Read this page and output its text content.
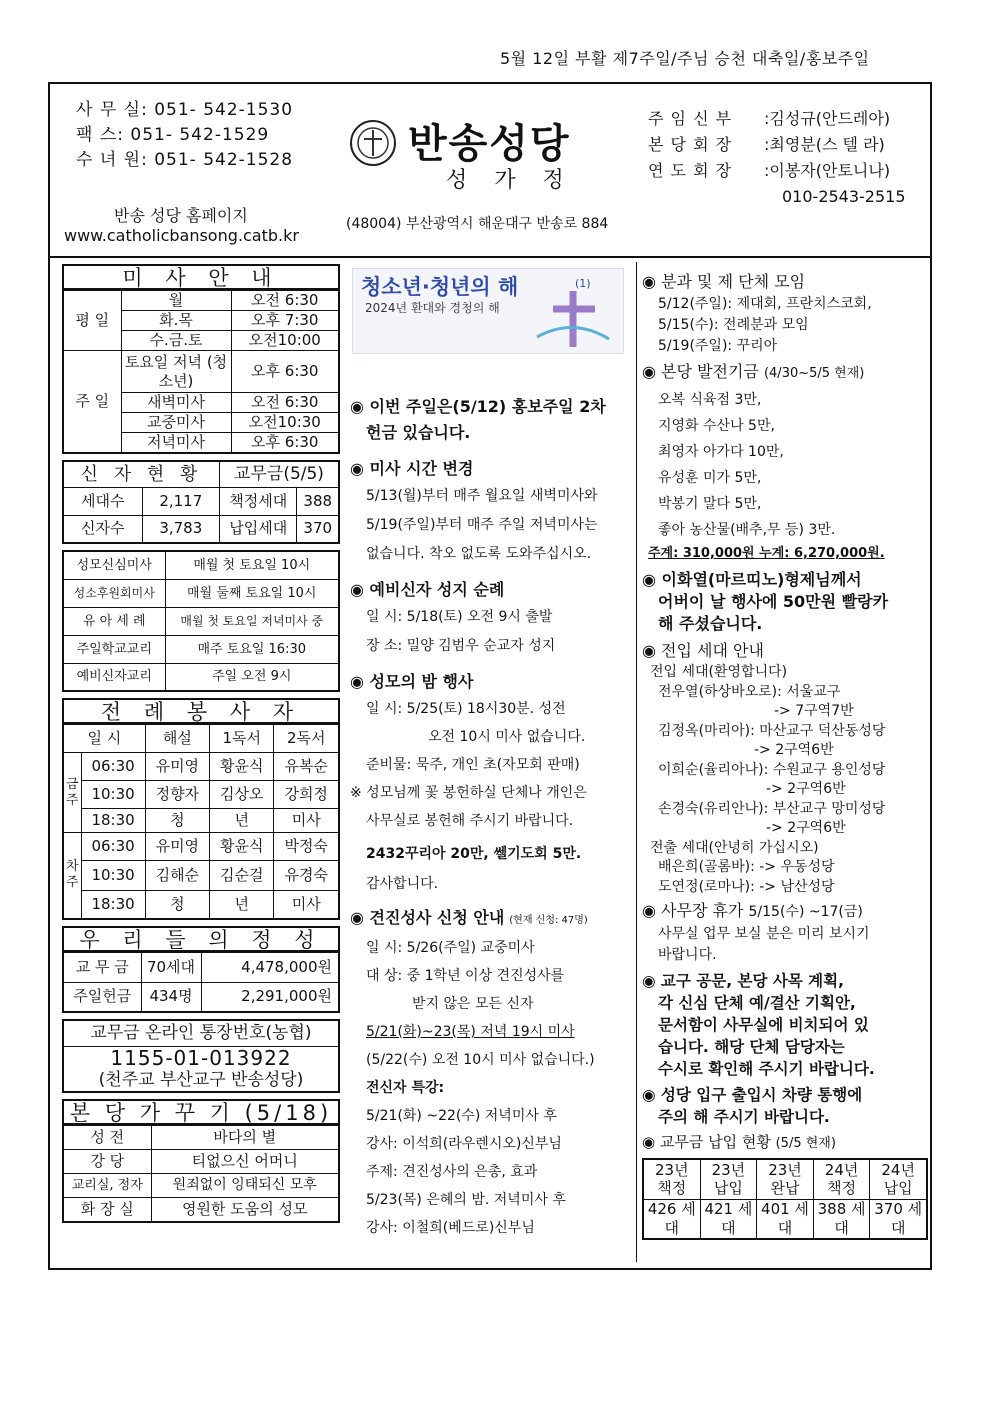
5월 12일 부활 제7주일/주님 승천 대축일/홍보주일
사 무 실: 051- 542-1530
팩 스: 051- 542-1529
수 녀 원: 051- 542-1528
반송 성당 홈페이지
www.catholicbansong.catb.kr
반송성당
성 가 정
(48004) 부산광역시 해운대구 반송로 884
주 임 신 부 :김성규(안드레아)
본 당 회 장 :최영분(스 텔 라)
연 도 회 장 :이봉자(안토니나)
010-2543-2515
미 사 안 내
평 일	월	오전 6:30
	화.목	오후 7:30
	수.금.토	오전10:00
주 일	토요일 저녁 (청소년)	오후 6:30
	새벽미사	오전 6:30
	교중미사	오전10:30
	저녁미사	오후 6:30
신 자 현 황		교무금(5/5)	
세대수	2,117	책정세대	388
신자수	3,783	납입세대	370
성모신심미사	매월 첫 토요일 10시
성소후원회미사	매월 둘째 토요일 10시
유 아 세 례	매월 첫 토요일 저녁미사 중
주일학교교리	매주 토요일 16:30
예비신자교리	주일 오전 9시
전 례 봉 사 자
일 시		해설	1독서	2독서
금주	06:30	유미영	황윤식	유복순
	10:30	정향자	김상오	강희정
	18:30	청	년	미사
차주	06:30	유미영	황윤식	박정숙
	10:30	김해순	김순걸	유경숙
	18:30	청	년	미사
우 리 들 의 정 성
교 무 금	70세대	4,478,000원
주일헌금	434명	2,291,000원
교무금 온라인 통장번호(농협)
1155-01-013922
(천주교 부산교구 반송성당)
본 당 가 꾸 기 (5/18)
성 전	바다의 별
강 당	티없으신 어머니
교리실, 정자	원죄없이 잉태되신 모후
화 장 실	영원한 도움의 성모
청소년·청년의 해	(1)
2024년 환대와 경청의 해
◉ 이번 주일은(5/12) 홍보주일 2차
헌금 있습니다.
◉ 미사 시간 변경
5/13(월)부터 매주 월요일 새벽미사와
5/19(주일)부터 매주 주일 저녁미사는
없습니다. 착오 없도록 도와주십시오.
◉ 예비신자 성지 순례
일 시: 5/18(토) 오전 9시 출발
장 소: 밀양 김범우 순교자 성지
◉ 성모의 밤 행사
일 시: 5/25(토) 18시30분. 성전
오전 10시 미사 없습니다.
준비물: 묵주, 개인 초(자모회 판매)
※ 성모님께 꽃 봉헌하실 단체나 개인은
사무실로 봉헌해 주시기 바랍니다.
2432꾸리아 20만, 쎌기도회 5만.
감사합니다.
◉ 견진성사 신청 안내 (현재 신청: 47명)
일 시: 5/26(주일) 교중미사
대 상: 중 1학년 이상 견진성사를
받지 않은 모든 신자
5/21(화)~23(목) 저녁 19시 미사
(5/22(수) 오전 10시 미사 없습니다.)
전신자 특강:
5/21(화) ~22(수) 저녁미사 후
강사: 이석희(라우렌시오)신부님
주제: 견진성사의 은총, 효과
5/23(목) 은혜의 밤. 저녁미사 후
강사: 이철희(베드로)신부님
◉ 분과 및 제 단체 모임
5/12(주일): 제대회, 프란치스코회,
5/15(수): 전례분과 모임
5/19(주일): 꾸리아
◉ 본당 발전기금 (4/30~5/5 현재)
오복 식육점 3만,
지영화 수산나 5만,
최영자 아가다 10만,
유성훈 미가 5만,
박봉기 말다 5만,
좋아 농산물(배추,무 등) 3만.
주계: 310,000원 누계: 6,270,000원.
◉ 이화열(마르띠노)형제님께서
어버이 날 행사에 50만원 빨랑카
해 주셨습니다.
◉ 전입 세대 안내
전입 세대(환영합니다)
전우열(하상바오로): 서울교구
-> 7구역7반
김정옥(마리아): 마산교구 덕산동성당
-> 2구역6반
이희순(율리아나): 수원교구 용인성당
-> 2구역6반
손경숙(유리안나): 부산교구 망미성당
-> 2구역6반
전출 세대(안녕히 가십시오)
배은희(골롬바): -> 우동성당
도연정(로마나): -> 남산성당
◉ 사무장 휴가 5/15(수) ~17(금)
사무실 업무 보실 분은 미리 보시기
바랍니다.
◉ 교구 공문, 본당 사목 계획,
각 신심 단체 예/결산 기획안,
문서함이 사무실에 비치되어 있
습니다. 해당 단체 담당자는
수시로 확인해 주시기 바랍니다.
◉ 성당 입구 출입시 차량 통행에
주의 해 주시기 바랍니다.
◉ 교무금 납입 현황 (5/5 현재)
23년 책정	23년 납입	23년 완납	24년 책정	24년 납입
426 세대	421 세대	401 세대	388 세대	370 세대
